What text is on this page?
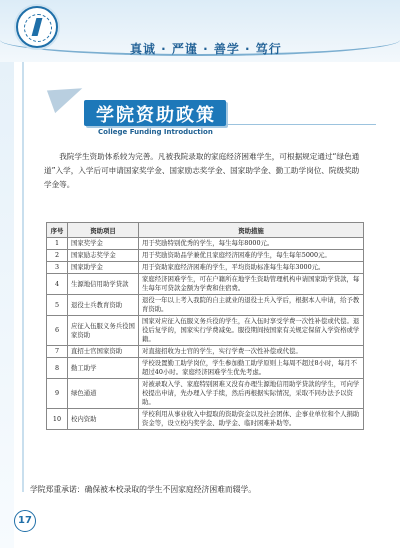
真诚 · 严谨 · 善学 · 笃行
学院资助政策
College Funding Introduction
我院学生资助体系较为完善。凡被我院录取的家庭经济困难学生，可根据规定通过“绿色通道”入学，入学后可申请国家奖学金、国家励志奖学金、国家助学金、勤工助学岗位、院级奖助学金等。
序号	资助项目	资助措施
1	国家奖学金	用于奖励特别优秀的学生，每生每年8000元。
2	国家励志奖学金	用于奖励资助品学兼优且家庭经济困难的学生，每生每年5000元。
3	国家助学金	用于资助家庭经济困难的学生，平均资助标准每生每年3000元。
4	生源地信用助学贷款	家庭经济困难学生，可在户籍所在地学生资助管理机构申请国家助学贷款，每生每年可贷款金额为学费和住宿费。
5	退役士兵教育资助	退役一年以上考入我院的自主就业的退役士兵入学后，根据本人申请，给予教育资助。
6	应征入伍服义务兵役国家资助	国家对应征入伍服义务兵役的学生，在入伍时享受学费一次性补偿或代偿。退役后复学的，国家实行学费减免。服役期间按国家有关规定保留入学资格或学籍。
7	直招士官国家资助	对直接招收为士官的学生，实行学费一次性补偿或代偿。
8	勤工助学	学校设置勤工助学岗位，学生参加勤工助学原则上每周不超过8小时，每月不超过40小时。家庭经济困难学生优先考虑。
9	绿色通道	对被录取入学、家庭特别困难又没有办理生源地信用助学贷款的学生，可向学校提出申请，先办理入学手续，然后再根据实际情况，采取不同办法予以资助。
10	校内资助	学校利用从事业收入中提取的资助资金以及社会团体、企事业单位和个人捐助资金等，设立校内奖学金、助学金、临时困难补助等。
学院郑重承诺：确保被本校录取的学生不因家庭经济困难而辍学。
17
